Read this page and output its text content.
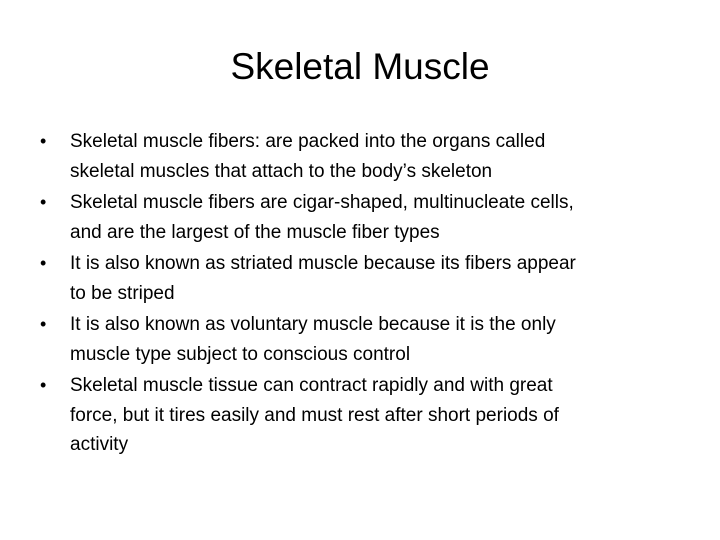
Skeletal Muscle
•	Skeletal muscle fibers: are packed into the organs called
skeletal muscles that attach to the body’s skeleton
•	Skeletal muscle fibers are cigar-shaped, multinucleate cells,
and are the largest of the muscle fiber types
•	It is also known as striated muscle because its fibers appear
to be striped
•	It is also known as voluntary muscle because it is the only
muscle type subject to conscious control
•	Skeletal muscle tissue can contract rapidly and with great
force, but it tires easily and must rest after short periods of
activity
